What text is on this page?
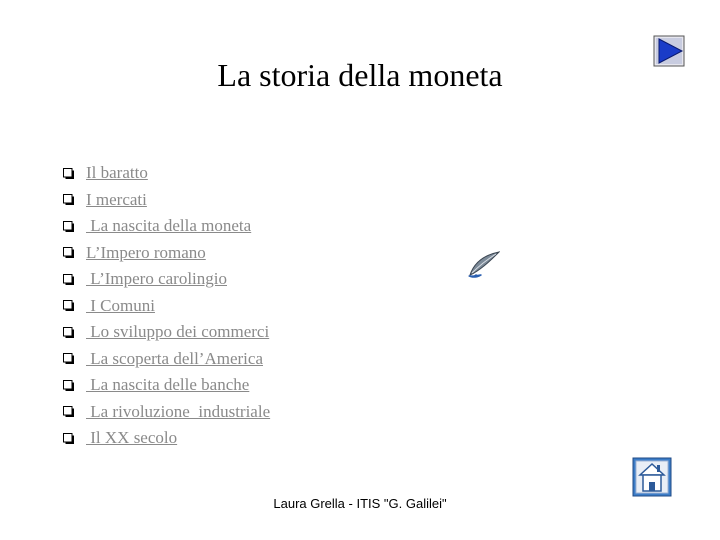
La storia della moneta
Il baratto
I mercati
La nascita della moneta
L’Impero romano
L’Impero carolingio
I Comuni
Lo sviluppo dei commerci
La scoperta dell’America
La nascita delle banche
La rivoluzione  industriale
Il XX secolo
Laura Grella - ITIS "G. Galilei"
